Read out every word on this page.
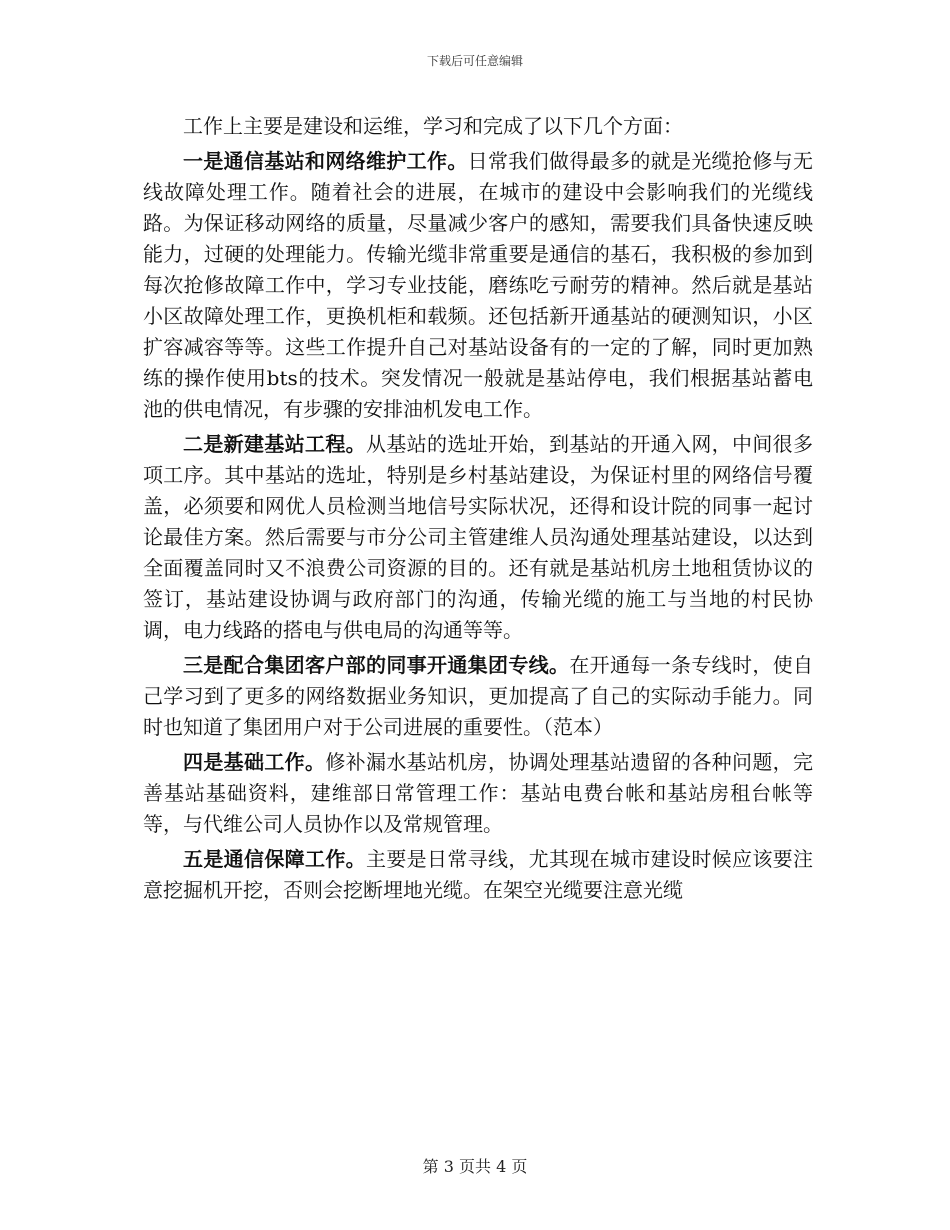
下载后可任意编辑

工作上主要是建设和运维，学习和完成了以下几个方面：

一是通信基站和网络维护工作。日常我们做得最多的就是光缆抢修与无线故障处理工作。随着社会的进展，在城市的建设中会影响我们的光缆线路。为保证移动网络的质量，尽量减少客户的感知，需要我们具备快速反映能力，过硬的处理能力。传输光缆非常重要是通信的基石，我积极的参加到每次抢修故障工作中，学习专业技能，磨练吃亏耐劳的精神。然后就是基站小区故障处理工作，更换机柜和载频。还包括新开通基站的硬测知识，小区扩容减容等等。这些工作提升自己对基站设备有的一定的了解，同时更加熟练的操作使用bts的技术。突发情况一般就是基站停电，我们根据基站蓄电池的供电情况，有步骤的安排油机发电工作。

二是新建基站工程。从基站的选址开始，到基站的开通入网，中间很多项工序。其中基站的选址，特别是乡村基站建设，为保证村里的网络信号覆盖，必须要和网优人员检测当地信号实际状况，还得和设计院的同事一起讨论最佳方案。然后需要与市分公司主管建维人员沟通处理基站建设，以达到全面覆盖同时又不浪费公司资源的目的。还有就是基站机房土地租赁协议的签订，基站建设协调与政府部门的沟通，传输光缆的施工与当地的村民协调，电力线路的搭电与供电局的沟通等等。

三是配合集团客户部的同事开通集团专线。在开通每一条专线时，使自己学习到了更多的网络数据业务知识，更加提高了自己的实际动手能力。同时也知道了集团用户对于公司进展的重要性。（范本）

四是基础工作。修补漏水基站机房，协调处理基站遗留的各种问题，完善基站基础资料，建维部日常管理工作：基站电费台帐和基站房租台帐等等，与代维公司人员协作以及常规管理。

五是通信保障工作。主要是日常寻线，尤其现在城市建设时候应该要注意挖掘机开挖，否则会挖断埋地光缆。在架空光缆要注意光缆

第 3 页共 4 页
